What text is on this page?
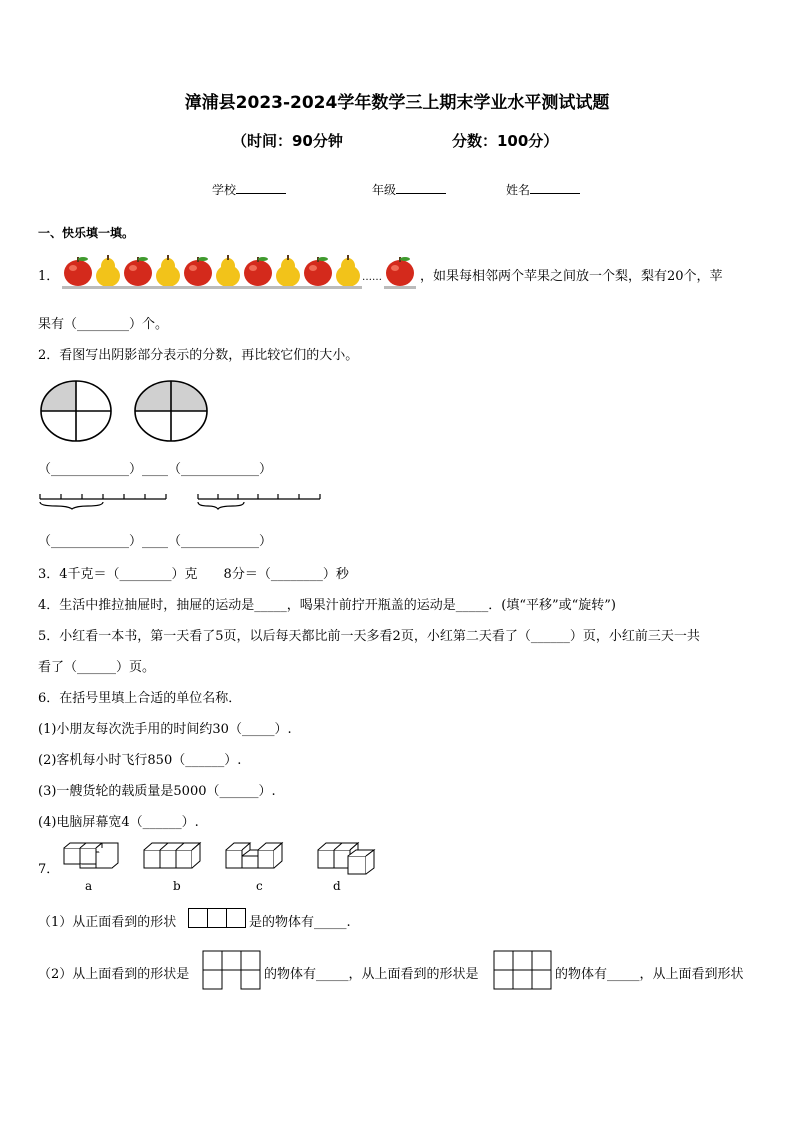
漳浦县2023-2024学年数学三上期末学业水平测试试题
（时间：90分钟	分数：100分）
学校	年级	姓名
一、快乐填一填。
1．	……	，如果每相邻两个苹果之间放一个梨，梨有20个，苹
果有（________）个。
2．看图写出阴影部分表示的分数，再比较它们的大小。
（____________）____（____________）
（____________）____（____________）
3．4千克＝（________）克　　8分＝（________）秒
4．生活中推拉抽屉时，抽屉的运动是_____，喝果汁前拧开瓶盖的运动是_____．(填“平移”或“旋转”)
5．小红看一本书，第一天看了5页，以后每天都比前一天多看2页，小红第二天看了（______）页，小红前三天一共
看了（______）页。
6．在括号里填上合适的单位名称．
(1)小朋友每次洗手用的时间约30（_____）.
(2)客机每小时飞行850（______）.
(3)一艘货轮的载质量是5000（______）.
(4)电脑屏幕宽4（______）.
7．
a	b	c	d
（1）从正面看到的形状	是的物体有_____.
（2）从上面看到的形状是	的物体有_____，从上面看到的形状是	的物体有_____，从上面看到形状
